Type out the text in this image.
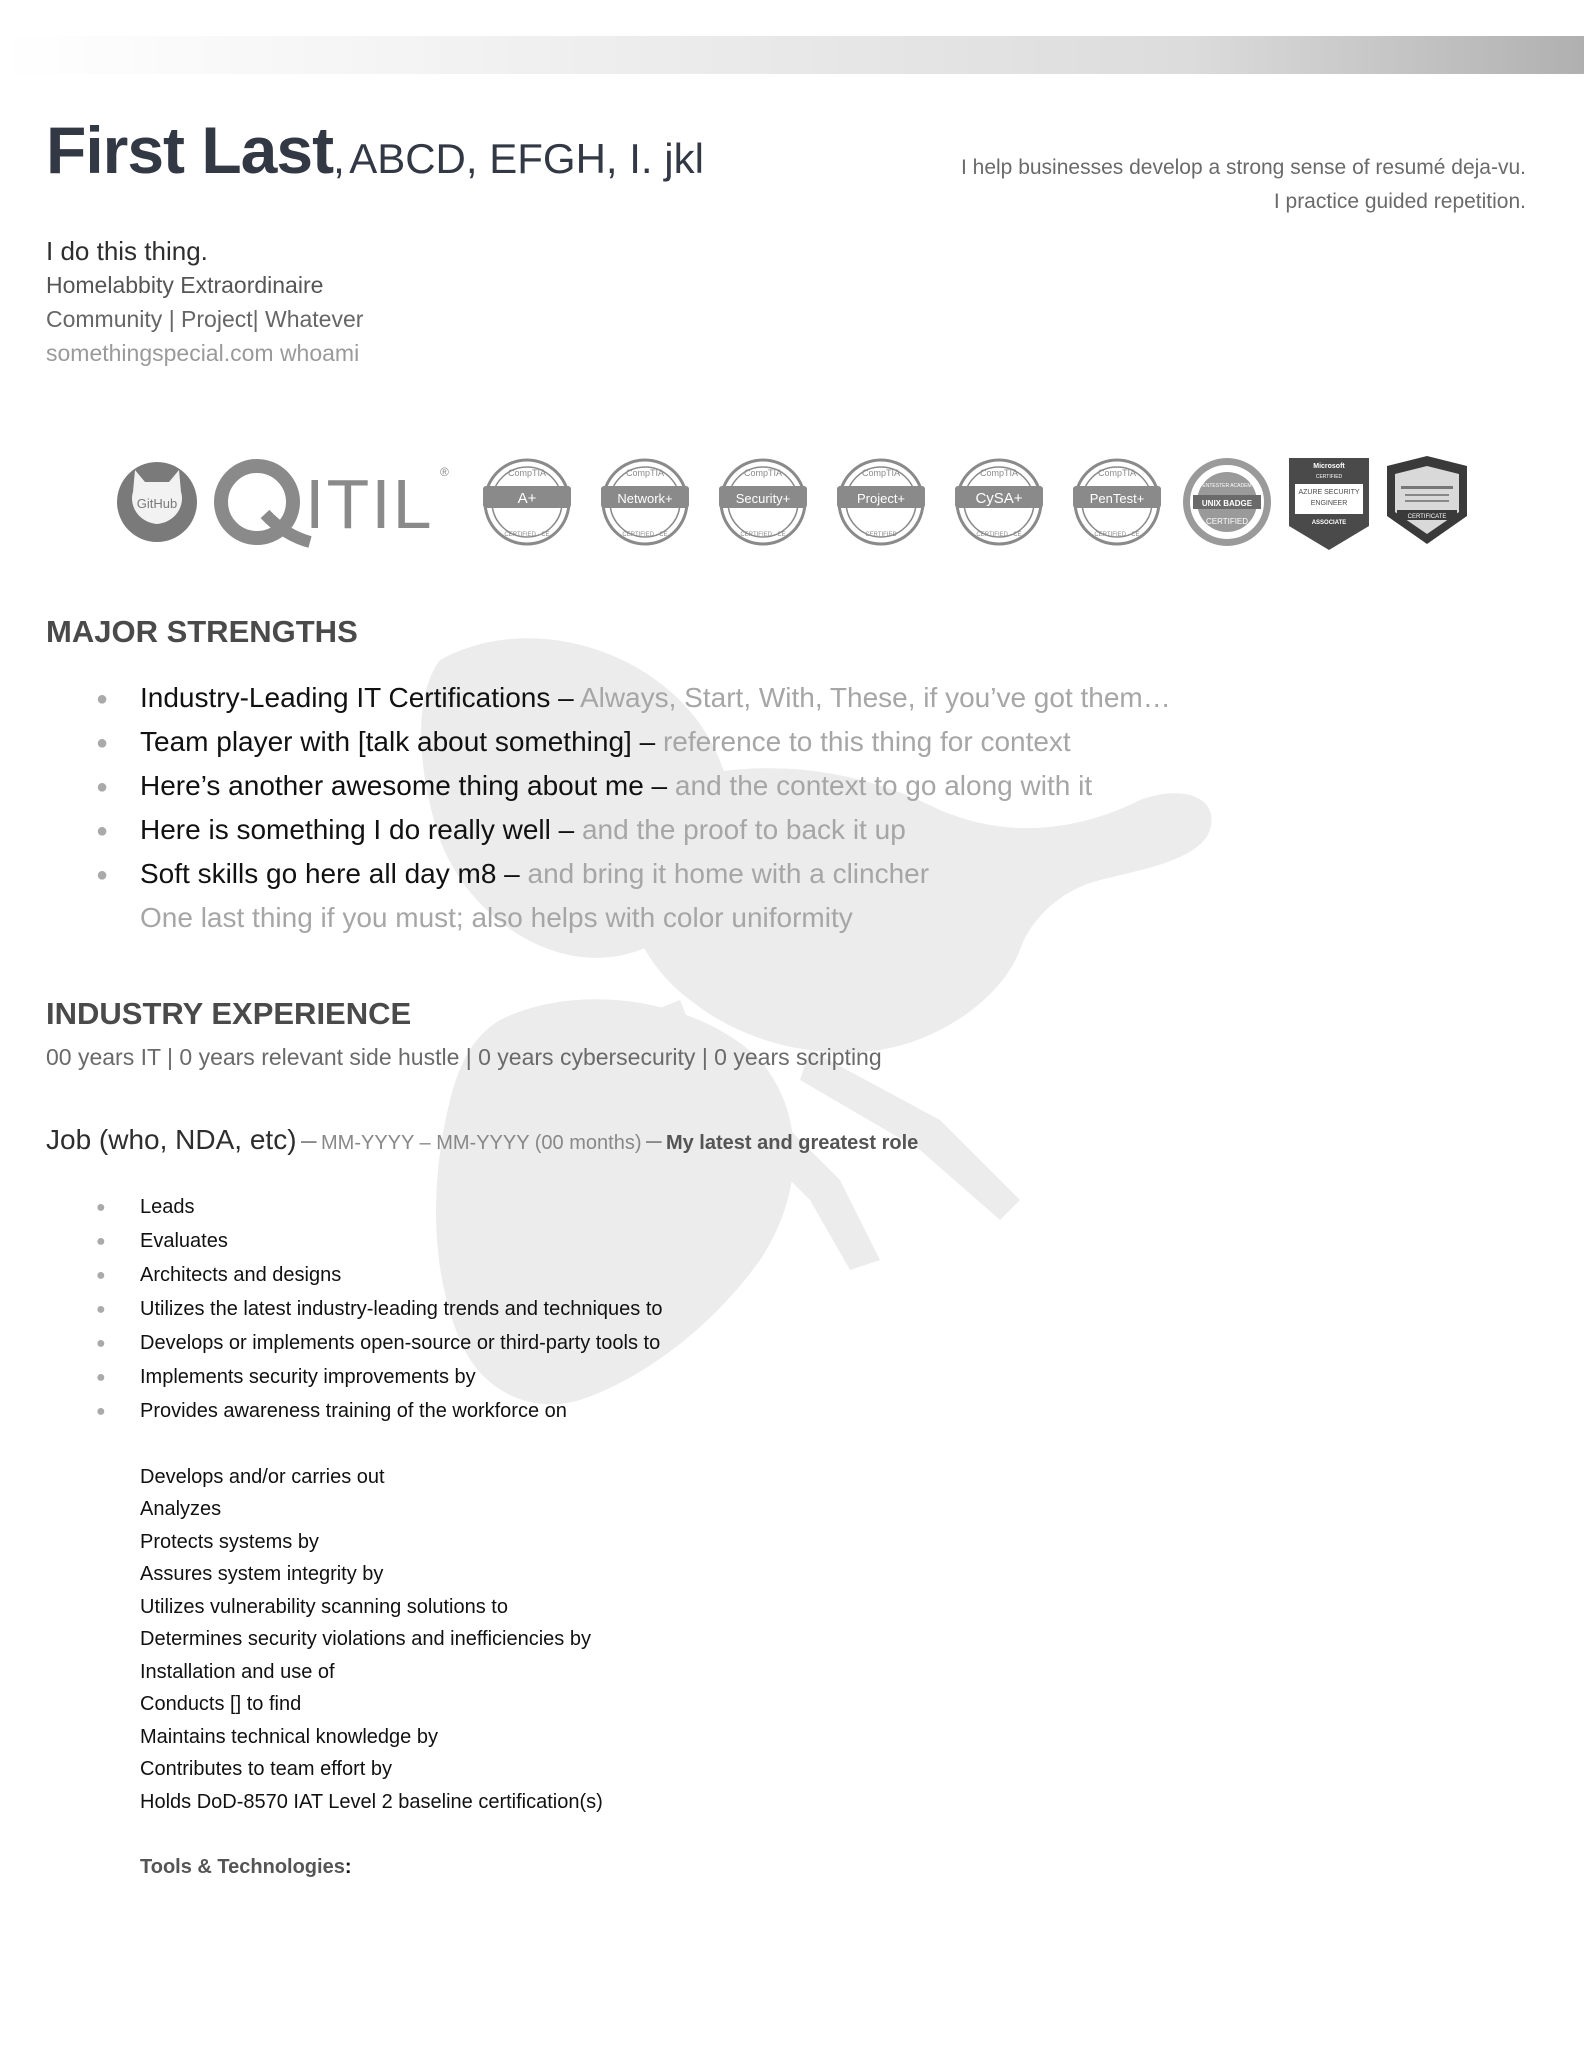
First Last, ABCD, EFGH, I. jkl	I help businesses develop a strong sense of resumé deja-vu.
I practice guided repetition.
I do this thing.
Homelabbity Extraordinaire
Community | Project| Whatever
somethingspecial.com whoami
GitHub ITIL ®	CompTIA
A+
CERTIFIED · CE
CompTIA
Network+
CERTIFIED · CE
CompTIA
Security+
CERTIFIED · CE
CompTIA
Project+
CERTIFIED
CompTIA
CySA+
CERTIFIED · CE
CompTIA
PenTest+
CERTIFIED · CE
PENTESTER ACADEMY
UNIX BADGE
CERTIFIED
Microsoft
CERTIFIED
AZURE SECURITY
ENGINEER
ASSOCIATE
CERTIFICATE
MAJOR STRENGTHS
● Industry-Leading IT Certifications – Always, Start, With, These, if you’ve got them…
● Team player with [talk about something] – reference to this thing for context
● Here’s another awesome thing about me – and the context to go along with it
● Here is something I do really well – and the proof to back it up
● Soft skills go here all day m8 – and bring it home with a clincher
One last thing if you must; also helps with color uniformity
INDUSTRY EXPERIENCE
00 years IT | 0 years relevant side hustle | 0 years cybersecurity | 0 years scripting
Job (who, NDA, etc) – MM-YYYY – MM-YYYY (00 months) – My latest and greatest role
● Leads
● Evaluates
● Architects and designs
● Utilizes the latest industry-leading trends and techniques to
● Develops or implements open-source or third-party tools to
● Implements security improvements by
● Provides awareness training of the workforce on
Develops and/or carries out
Analyzes
Protects systems by
Assures system integrity by
Utilizes vulnerability scanning solutions to
Determines security violations and inefficiencies by
Installation and use of
Conducts [] to find
Maintains technical knowledge by
Contributes to team effort by
Holds DoD-8570 IAT Level 2 baseline certification(s)
Tools & Technologies:
